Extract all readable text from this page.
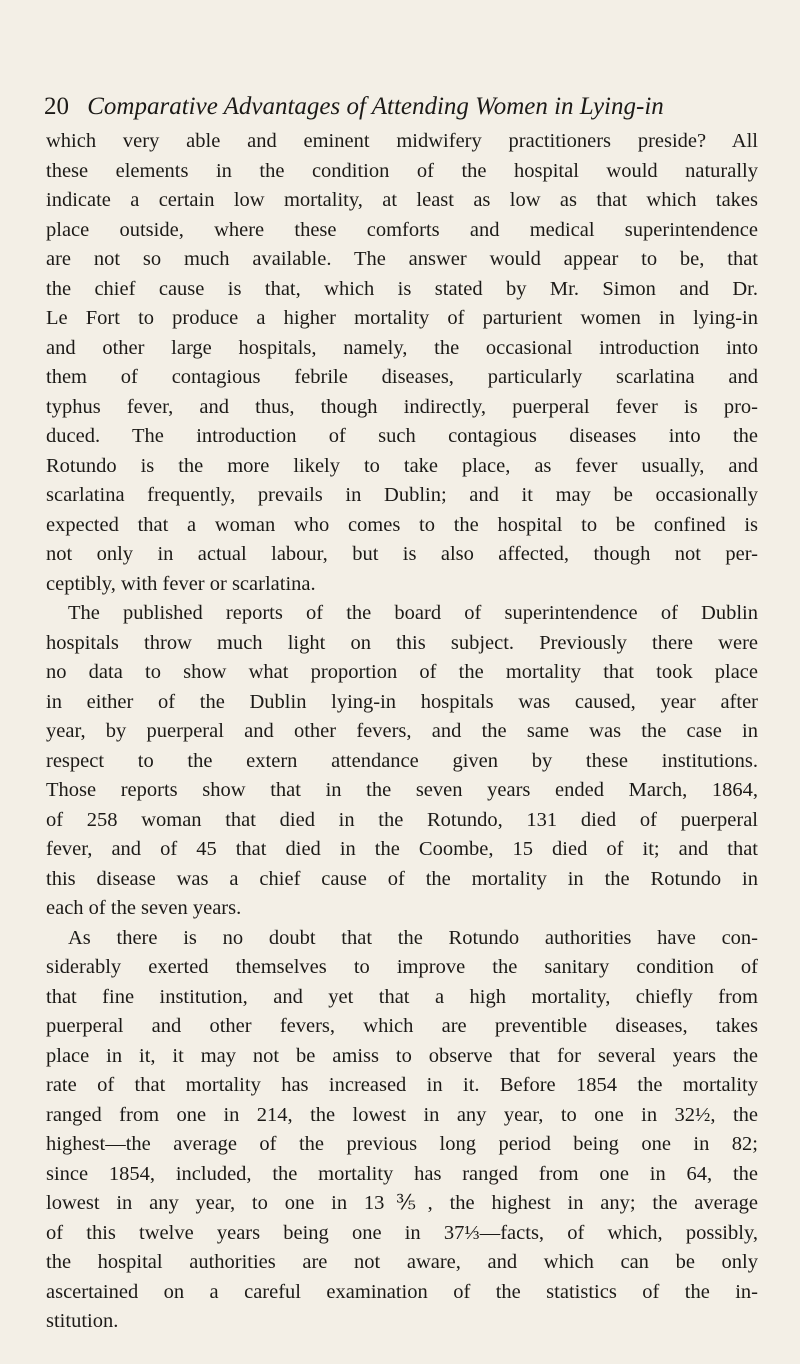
20 Comparative Advantages of Attending Women in Lying-in
which very able and eminent midwifery practitioners preside? All
these elements in the condition of the hospital would naturally
indicate a certain low mortality, at least as low as that which takes
place outside, where these comforts and medical superintendence
are not so much available. The answer would appear to be, that
the chief cause is that, which is stated by Mr. Simon and Dr.
Le Fort to produce a higher mortality of parturient women in lying-in
and other large hospitals, namely, the occasional introduction into
them of contagious febrile diseases, particularly scarlatina and
typhus fever, and thus, though indirectly, puerperal fever is pro-
duced. The introduction of such contagious diseases into the
Rotundo is the more likely to take place, as fever usually, and
scarlatina frequently, prevails in Dublin; and it may be occasionally
expected that a woman who comes to the hospital to be confined is
not only in actual labour, but is also affected, though not per-
ceptibly, with fever or scarlatina.
The published reports of the board of superintendence of Dublin
hospitals throw much light on this subject. Previously there were
no data to show what proportion of the mortality that took place
in either of the Dublin lying-in hospitals was caused, year after
year, by puerperal and other fevers, and the same was the case in
respect to the extern attendance given by these institutions.
Those reports show that in the seven years ended March, 1864,
of 258 woman that died in the Rotundo, 131 died of puerperal
fever, and of 45 that died in the Coombe, 15 died of it; and that
this disease was a chief cause of the mortality in the Rotundo in
each of the seven years.
As there is no doubt that the Rotundo authorities have con-
siderably exerted themselves to improve the sanitary condition of
that fine institution, and yet that a high mortality, chiefly from
puerperal and other fevers, which are preventible diseases, takes
place in it, it may not be amiss to observe that for several years the
rate of that mortality has increased in it. Before 1854 the mortality
ranged from one in 214, the lowest in any year, to one in 32½, the
highest—the average of the previous long period being one in 82;
since 1854, included, the mortality has ranged from one in 64, the
lowest in any year, to one in 13⅗, the highest in any; the average
of this twelve years being one in 37⅓—facts, of which, possibly,
the hospital authorities are not aware, and which can be only
ascertained on a careful examination of the statistics of the in-
stitution.
